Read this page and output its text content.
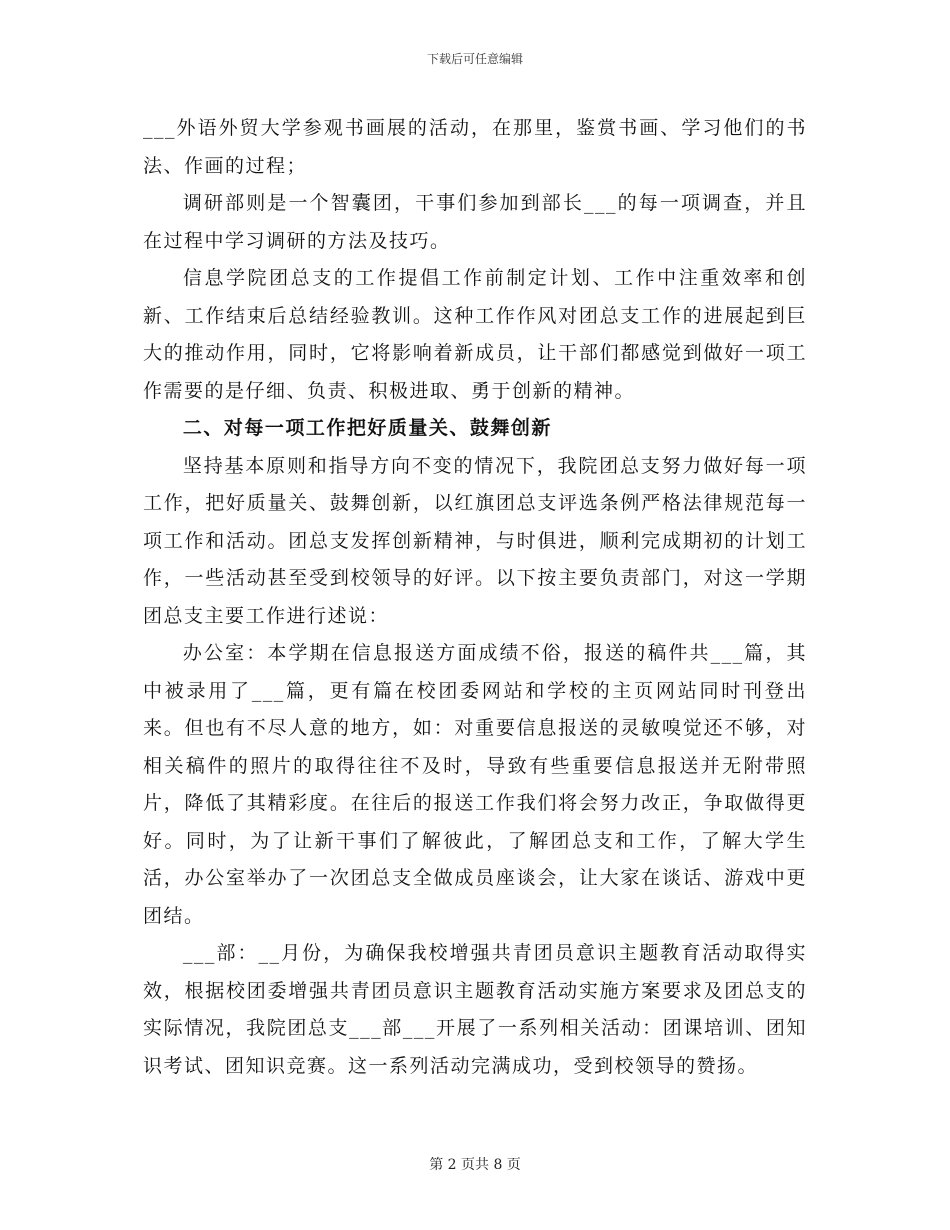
下载后可任意编辑

___外语外贸大学参观书画展的活动，在那里，鉴赏书画、学习他们的书法、作画的过程；

调研部则是一个智囊团，干事们参加到部长___的每一项调查，并且在过程中学习调研的方法及技巧。

信息学院团总支的工作提倡工作前制定计划、工作中注重效率和创新、工作结束后总结经验教训。这种工作作风对团总支工作的进展起到巨大的推动作用，同时，它将影响着新成员，让干部们都感觉到做好一项工作需要的是仔细、负责、积极进取、勇于创新的精神。

二、对每一项工作把好质量关、鼓舞创新

坚持基本原则和指导方向不变的情况下，我院团总支努力做好每一项工作，把好质量关、鼓舞创新，以红旗团总支评选条例严格法律规范每一项工作和活动。团总支发挥创新精神，与时俱进，顺利完成期初的计划工作，一些活动甚至受到校领导的好评。以下按主要负责部门，对这一学期团总支主要工作进行述说：

办公室：本学期在信息报送方面成绩不俗，报送的稿件共___篇，其中被录用了___篇，更有篇在校团委网站和学校的主页网站同时刊登出来。但也有不尽人意的地方，如：对重要信息报送的灵敏嗅觉还不够，对相关稿件的照片的取得往往不及时，导致有些重要信息报送并无附带照片，降低了其精彩度。在往后的报送工作我们将会努力改正，争取做得更好。同时，为了让新干事们了解彼此，了解团总支和工作，了解大学生活，办公室举办了一次团总支全做成员座谈会，让大家在谈话、游戏中更团结。

___部：__月份，为确保我校增强共青团员意识主题教育活动取得实效，根据校团委增强共青团员意识主题教育活动实施方案要求及团总支的实际情况，我院团总支___部___开展了一系列相关活动：团课培训、团知识考试、团知识竞赛。这一系列活动完满成功，受到校领导的赞扬。

第 2 页共 8 页
